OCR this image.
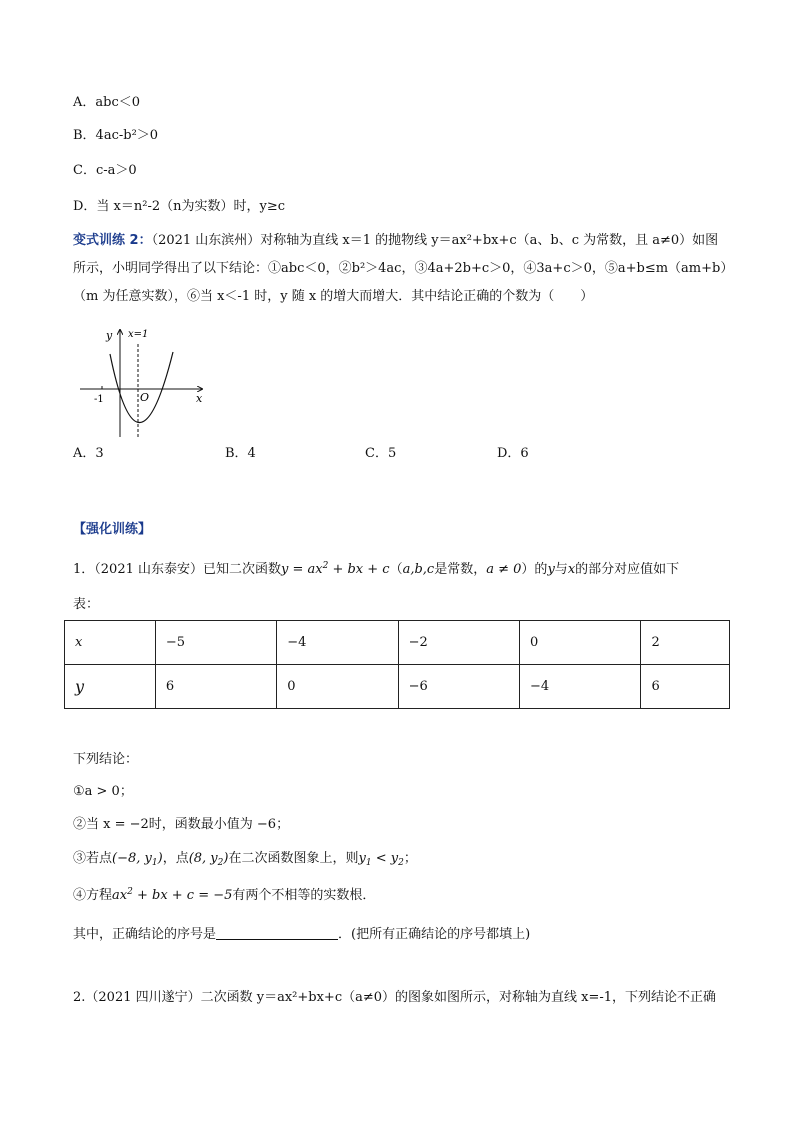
A．abc＜0
B．4ac-b²＞0
C．c-a＞0
D．当 x＝n²-2（n为实数）时，y≥c
变式训练 2：（2021 山东滨州）对称轴为直线 x＝1 的抛物线 y＝ax²+bx+c（a、b、c 为常数，且 a≠0）如图
所示，小明同学得出了以下结论：①abc＜0，②b²＞4ac，③4a+2b+c＞0，④3a+c＞0，⑤a+b≤m（am+b）
（m 为任意实数），⑥当 x＜-1 时，y 随 x 的增大而增大．其中结论正确的个数为（　　）
y x=1
-1	O	x
A．3	B．4	C．5	D．6
【强化训练】
1．（2021 山东泰安）已知二次函数$y = ax^2$ + bx + c（a,b,c是常数，a ≠ 0）的y与x的部分对应值如下
表：
x	−5	−4	−2	0	2
y	6	0	−6	−4	6
下列结论：
①a > 0；
②当 x = −2时，函数最小值为 −6；
③若点(−8, $y_1$)，点(8, $y_2$)在二次函数图象上，则$y_1 < y_2$；
④方程$ax^2$ + bx + c = −5有两个不相等的实数根．
其中，正确结论的序号是	．(把所有正确结论的序号都填上)
2.（2021 四川遂宁）二次函数 y＝ax²+bx+c（a≠0）的图象如图所示，对称轴为直线 x=-1，下列结论不正确
